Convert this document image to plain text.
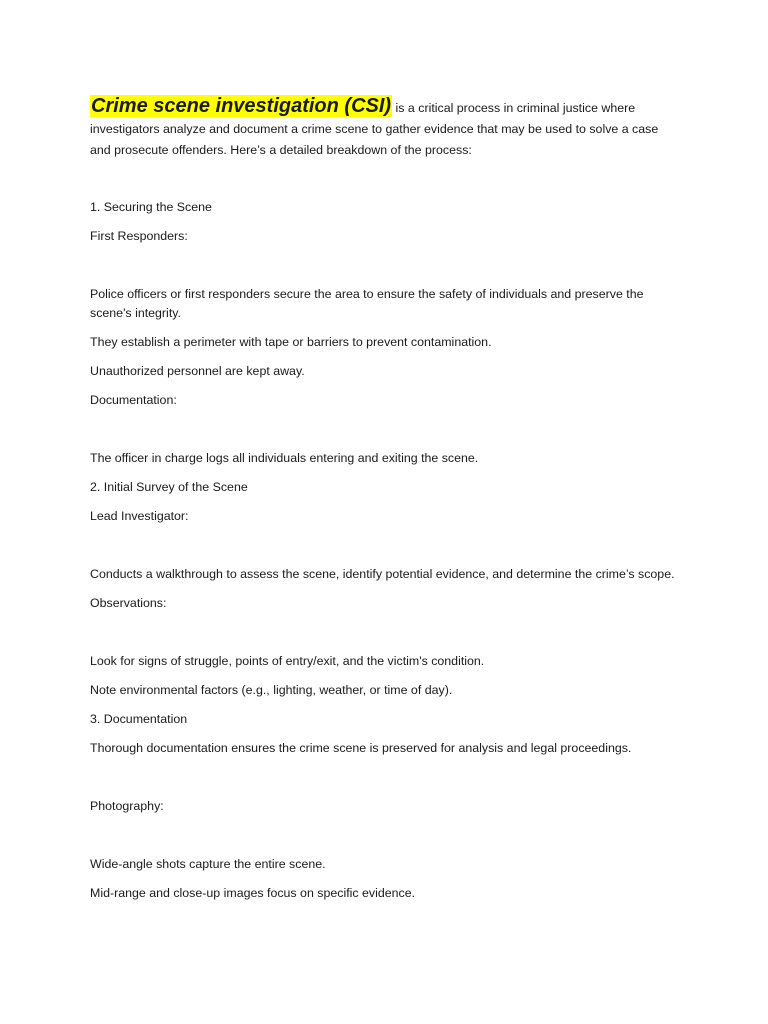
Crime scene investigation (CSI) is a critical process in criminal justice where investigators analyze and document a crime scene to gather evidence that may be used to solve a case and prosecute offenders. Here’s a detailed breakdown of the process:

1. Securing the Scene

First Responders:

Police officers or first responders secure the area to ensure the safety of individuals and preserve the scene's integrity.

They establish a perimeter with tape or barriers to prevent contamination.

Unauthorized personnel are kept away.

Documentation:

The officer in charge logs all individuals entering and exiting the scene.

2. Initial Survey of the Scene

Lead Investigator:

Conducts a walkthrough to assess the scene, identify potential evidence, and determine the crime’s scope.

Observations:

Look for signs of struggle, points of entry/exit, and the victim's condition.

Note environmental factors (e.g., lighting, weather, or time of day).

3. Documentation

Thorough documentation ensures the crime scene is preserved for analysis and legal proceedings.

Photography:

Wide-angle shots capture the entire scene.

Mid-range and close-up images focus on specific evidence.
